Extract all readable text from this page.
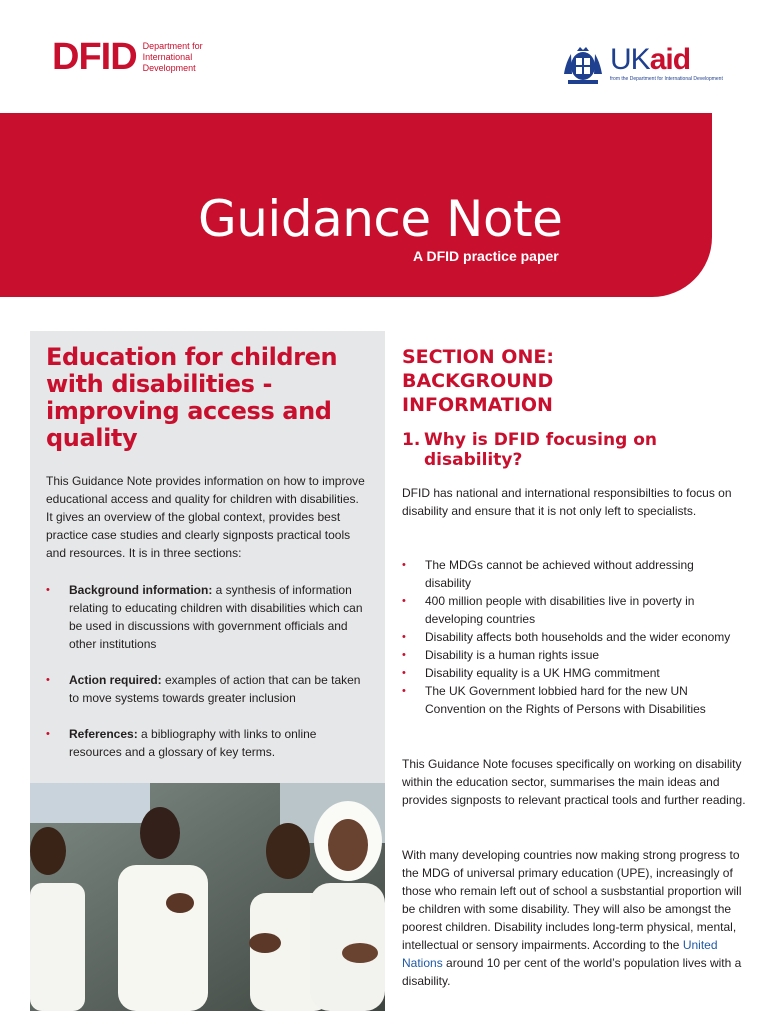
DFID Department for
International
Development	UKaid
from the Department for International Development
Guidance Note
A DFID practice paper
Education for children with disabilities - improving access and quality

This Guidance Note provides information on how to improve educational access and quality for children with disabilities. It gives an overview of the global context, provides best practice case studies and clearly signposts practical tools and resources. It is in three sections:

• Background information: a synthesis of information relating to educating children with disabilities which can be used in discussions with government officials and other institutions
• Action required: examples of action that can be taken to move systems towards greater inclusion
• References: a bibliography with links to online resources and a glossary of key terms.
SECTION ONE:
BACKGROUND
INFORMATION
1. Why is DFID focusing on
disability?

DFID has national and international responsibilties to focus on disability and ensure that it is not only left to specialists.

• The MDGs cannot be achieved without addressing disability
• 400 million people with disabilities live in poverty in developing countries
• Disability affects both households and the wider economy
• Disability is a human rights issue
• Disability equality is a UK HMG commitment
• The UK Government lobbied hard for the new UN Convention on the Rights of Persons with Disabilities

This Guidance Note focuses specifically on working on disability within the education sector, summarises the main ideas and provides signposts to relevant practical tools and further reading.

With many developing countries now making strong progress to the MDG of universal primary education (UPE), increasingly of those who remain left out of school a susbstantial proportion will be children with some disability. They will also be amongst the poorest children. Disability includes long-term physical, mental, intellectual or sensory impairments. According to the United Nations around 10 per cent of the world’s population lives with a disability.
